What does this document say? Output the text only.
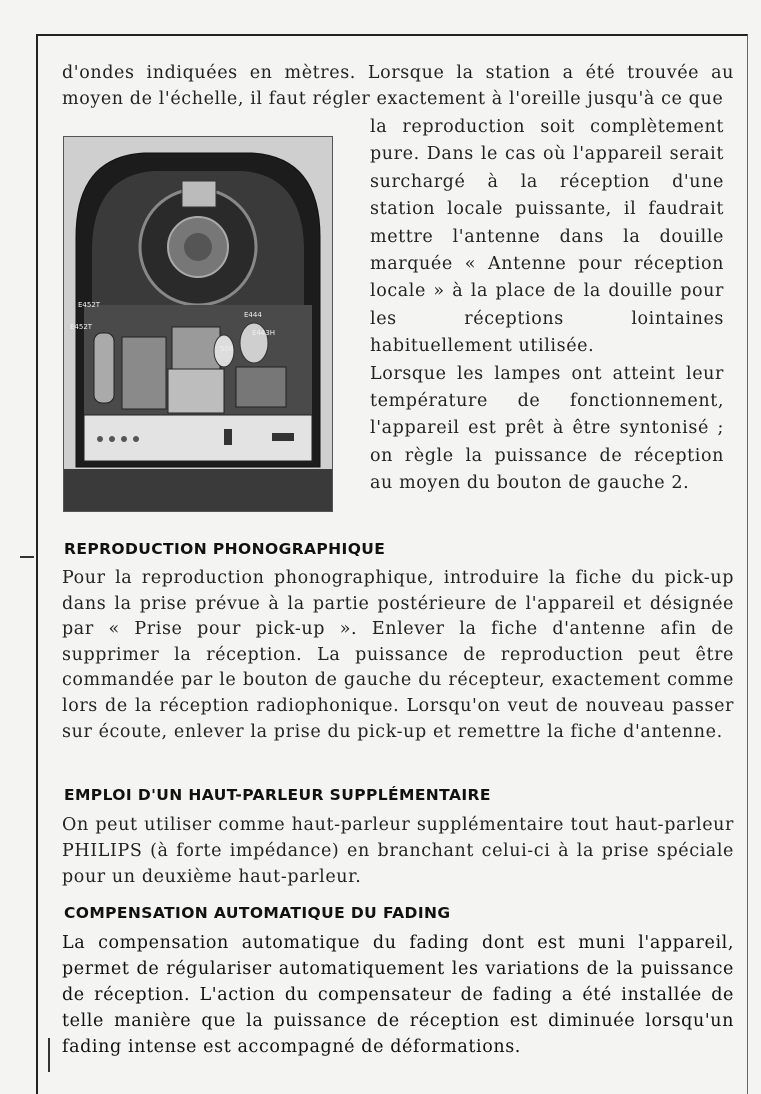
d'ondes indiquées en mètres. Lorsque la station a été trouvée au moyen de l'échelle, il faut régler exactement à l'oreille jusqu'à ce que

E452T
E452T
E444
E443H
506

la reproduction soit complètement pure. Dans le cas où l'appareil serait surchargé à la réception d'une station locale puissante, il faudrait mettre l'antenne dans la douille marquée « Antenne pour réception locale » à la place de la douille pour les réceptions lointaines habituellement utilisée.

Lorsque les lampes ont atteint leur température de fonctionnement, l'appareil est prêt à être syntonisé ; on règle la puissance de réception au moyen du bouton de gauche 2.

REPRODUCTION PHONOGRAPHIQUE

Pour la reproduction phonographique, introduire la fiche du pick-up dans la prise prévue à la partie postérieure de l'appareil et désignée par « Prise pour pick-up ». Enlever la fiche d'antenne afin de supprimer la réception. La puissance de reproduction peut être commandée par le bouton de gauche du récepteur, exactement comme lors de la réception radiophonique. Lorsqu'on veut de nouveau passer sur écoute, enlever la prise du pick-up et remettre la fiche d'antenne.

EMPLOI D'UN HAUT-PARLEUR SUPPLÉMENTAIRE

On peut utiliser comme haut-parleur supplémentaire tout haut-parleur PHILIPS (à forte impédance) en branchant celui-ci à la prise spéciale pour un deuxième haut-parleur.

COMPENSATION AUTOMATIQUE DU FADING

La compensation automatique du fading dont est muni l'appareil, permet de régulariser automatiquement les variations de la puissance de réception. L'action du compensateur de fading a été installée de telle manière que la puissance de réception est diminuée lorsqu'un fading intense est accompagné de déformations.
